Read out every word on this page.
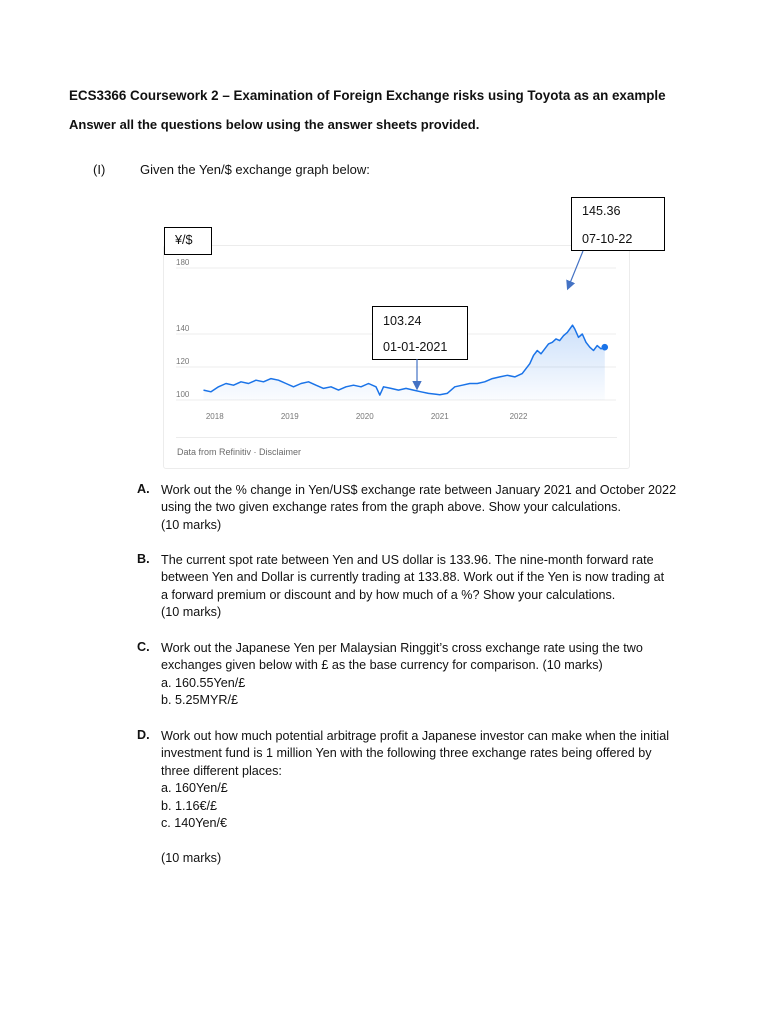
ECS3366 Coursework 2 – Examination of Foreign Exchange risks using Toyota as an example
Answer all the questions below using the answer sheets provided.
(I)	Given the Yen/$ exchange graph below:
180
140
120
100
2018	2019	2020	2021	2022
Data from Refinitiv · Disclaimer
¥/$
103.24
01-01-2021
145.36
07-10-22
A. Work out the % change in Yen/US$ exchange rate between January 2021 and October 2022
using the two given exchange rates from the graph above. Show your calculations.
(10 marks)
B. The current spot rate between Yen and US dollar is 133.96. The nine-month forward rate
between Yen and Dollar is currently trading at 133.88. Work out if the Yen is now trading at
a forward premium or discount and by how much of a %? Show your calculations.
(10 marks)
C. Work out the Japanese Yen per Malaysian Ringgit’s cross exchange rate using the two
exchanges given below with £ as the base currency for comparison. (10 marks)
a. 160.55Yen/£
b. 5.25MYR/£
D. Work out how much potential arbitrage profit a Japanese investor can make when the initial
investment fund is 1 million Yen with the following three exchange rates being offered by
three different places:
a. 160Yen/£
b. 1.16€/£
c. 140Yen/€
(10 marks)
